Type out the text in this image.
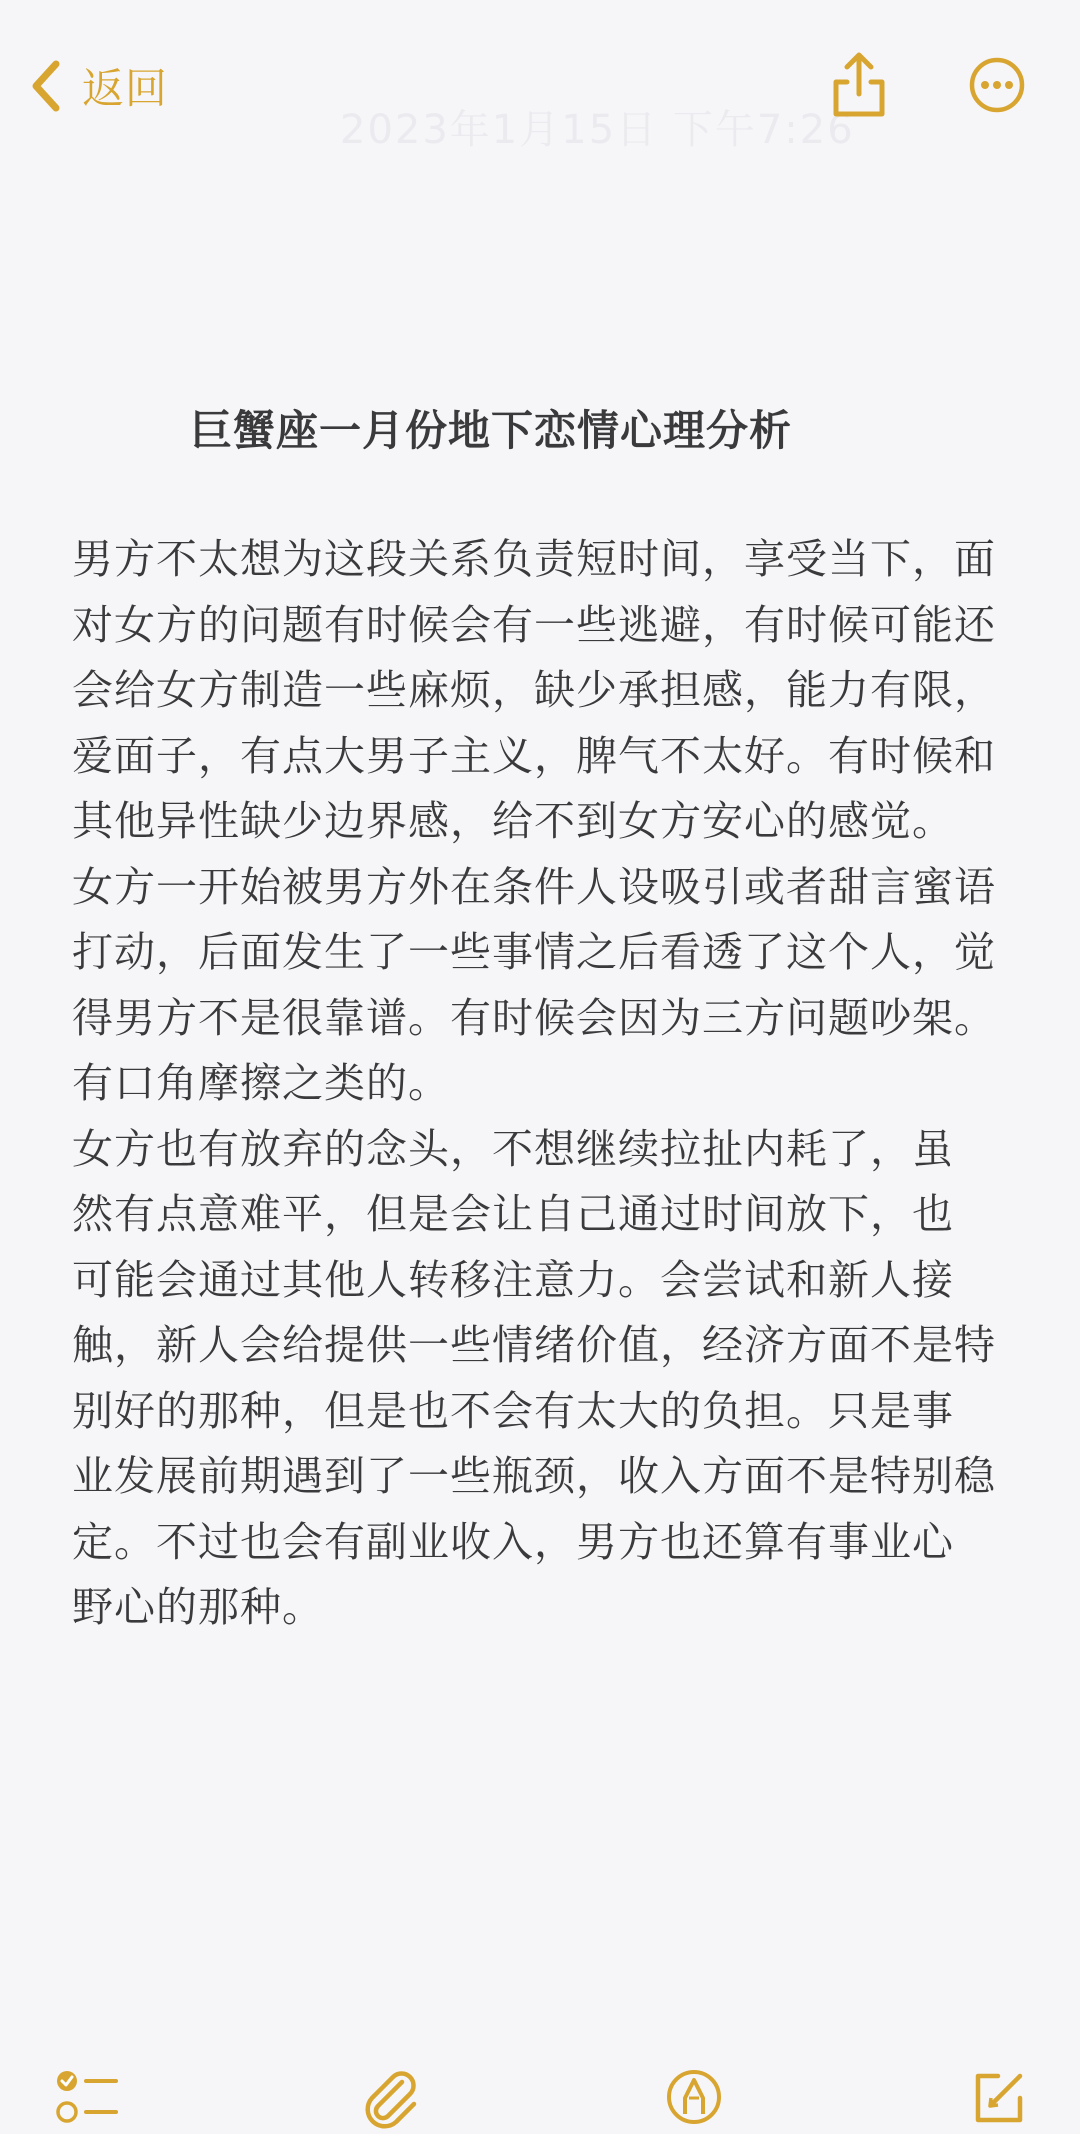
返回
2023年1月15日 下午7:26
巨蟹座一月份地下恋情心理分析

男方不太想为这段关系负责短时间，享受当下，面
对女方的问题有时候会有一些逃避，有时候可能还
会给女方制造一些麻烦，缺少承担感，能力有限，
爱面子，有点大男子主义，脾气不太好。有时候和
其他异性缺少边界感，给不到女方安心的感觉。

女方一开始被男方外在条件人设吸引或者甜言蜜语
打动，后面发生了一些事情之后看透了这个人，觉
得男方不是很靠谱。有时候会因为三方问题吵架。
有口角摩擦之类的。

女方也有放弃的念头，不想继续拉扯内耗了，虽
然有点意难平，但是会让自己通过时间放下，也
可能会通过其他人转移注意力。会尝试和新人接
触，新人会给提供一些情绪价值，经济方面不是特
别好的那种，但是也不会有太大的负担。只是事
业发展前期遇到了一些瓶颈，收入方面不是特别稳
定。不过也会有副业收入，男方也还算有事业心
野心的那种。
